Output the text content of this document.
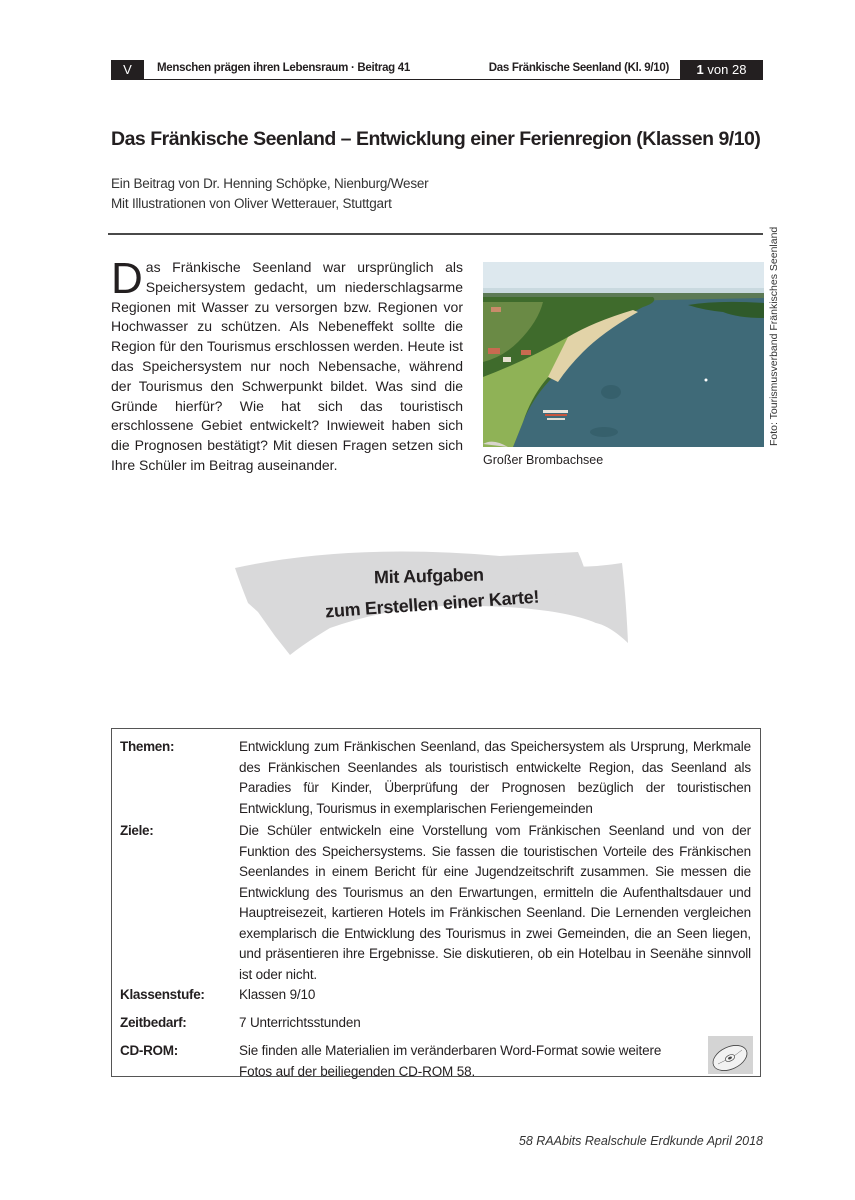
V	Menschen prägen ihren Lebensraum · Beitrag 41	Das Fränkische Seenland (Kl. 9/10)	1 von 28
Das Fränkische Seenland – Entwicklung einer Ferienregion (Klassen 9/10)
Ein Beitrag von Dr. Henning Schöpke, Nienburg/Weser
Mit Illustrationen von Oliver Wetterauer, Stuttgart
Das Fränkische Seenland war ursprünglich als Speichersystem gedacht, um niederschlagsarme Regionen mit Wasser zu versorgen bzw. Regionen vor Hochwasser zu schützen. Als Nebeneffekt sollte die Region für den Tourismus erschlossen werden. Heute ist das Speichersystem nur noch Nebensache, während der Tourismus den Schwerpunkt bildet. Was sind die Gründe hierfür? Wie hat sich das touristisch erschlossene Gebiet entwickelt? Inwieweit haben sich die Prognosen bestätigt? Mit diesen Fragen setzen sich Ihre Schüler im Beitrag auseinander.	Großer Brombachsee
Foto: Tourismusverband Fränkisches Seenland
Mit Aufgaben
zum Erstellen einer Karte!
Themen:	Entwicklung zum Fränkischen Seenland, das Speichersystem als Ursprung, Merkmale des Fränkischen Seenlandes als touristisch entwickelte Region, das Seenland als Paradies für Kinder, Überprüfung der Prognosen bezüglich der touristischen Entwicklung, Tourismus in exemplarischen Feriengemeinden
Ziele:	Die Schüler entwickeln eine Vorstellung vom Fränkischen Seenland und von der Funktion des Speichersystems. Sie fassen die touristischen Vorteile des Fränkischen Seenlandes in einem Bericht für eine Jugendzeitschrift zusammen. Sie messen die Entwicklung des Tourismus an den Erwartungen, ermitteln die Aufenthaltsdauer und Hauptreisezeit, kartieren Hotels im Fränkischen Seenland. Die Lernenden vergleichen exemplarisch die Entwicklung des Tourismus in zwei Gemeinden, die an Seen liegen, und präsentieren ihre Ergebnisse. Sie diskutieren, ob ein Hotelbau in Seenähe sinnvoll ist oder nicht.
Klassenstufe:	Klassen 9/10
Zeitbedarf:	7 Unterrichtsstunden
CD-ROM:	Sie finden alle Materialien im veränderbaren Word-Format sowie weitere Fotos auf der beiliegenden CD-ROM 58.
58 RAAbits Realschule Erdkunde April 2018
